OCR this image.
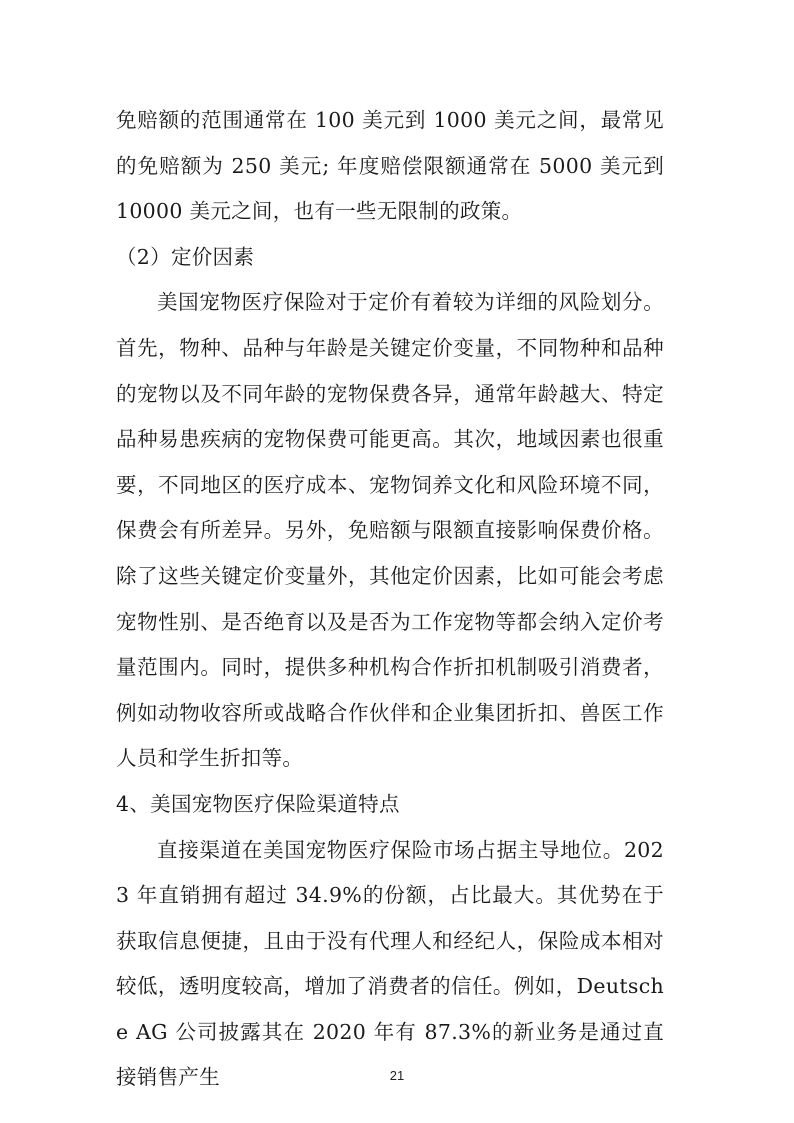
免赔额的范围通常在 100 美元到 1000 美元之间，最常见的免赔额为 250 美元; 年度赔偿限额通常在 5000 美元到 10000 美元之间，也有一些无限制的政策。

（2）定价因素

美国宠物医疗保险对于定价有着较为详细的风险划分。首先，物种、品种与年龄是关键定价变量，不同物种和品种的宠物以及不同年龄的宠物保费各异，通常年龄越大、特定品种易患疾病的宠物保费可能更高。其次，地域因素也很重要，不同地区的医疗成本、宠物饲养文化和风险环境不同，保费会有所差异。另外，免赔额与限额直接影响保费价格。除了这些关键定价变量外，其他定价因素，比如可能会考虑宠物性别、是否绝育以及是否为工作宠物等都会纳入定价考量范围内。同时，提供多种机构合作折扣机制吸引消费者，例如动物收容所或战略合作伙伴和企业集团折扣、兽医工作人员和学生折扣等。

4、美国宠物医疗保险渠道特点

直接渠道在美国宠物医疗保险市场占据主导地位。2023 年直销拥有超过 34.9%的份额，占比最大。其优势在于获取信息便捷，且由于没有代理人和经纪人，保险成本相对较低，透明度较高，增加了消费者的信任。例如，Deutsche AG 公司披露其在 2020 年有 87.3%的新业务是通过直接销售产生	21
